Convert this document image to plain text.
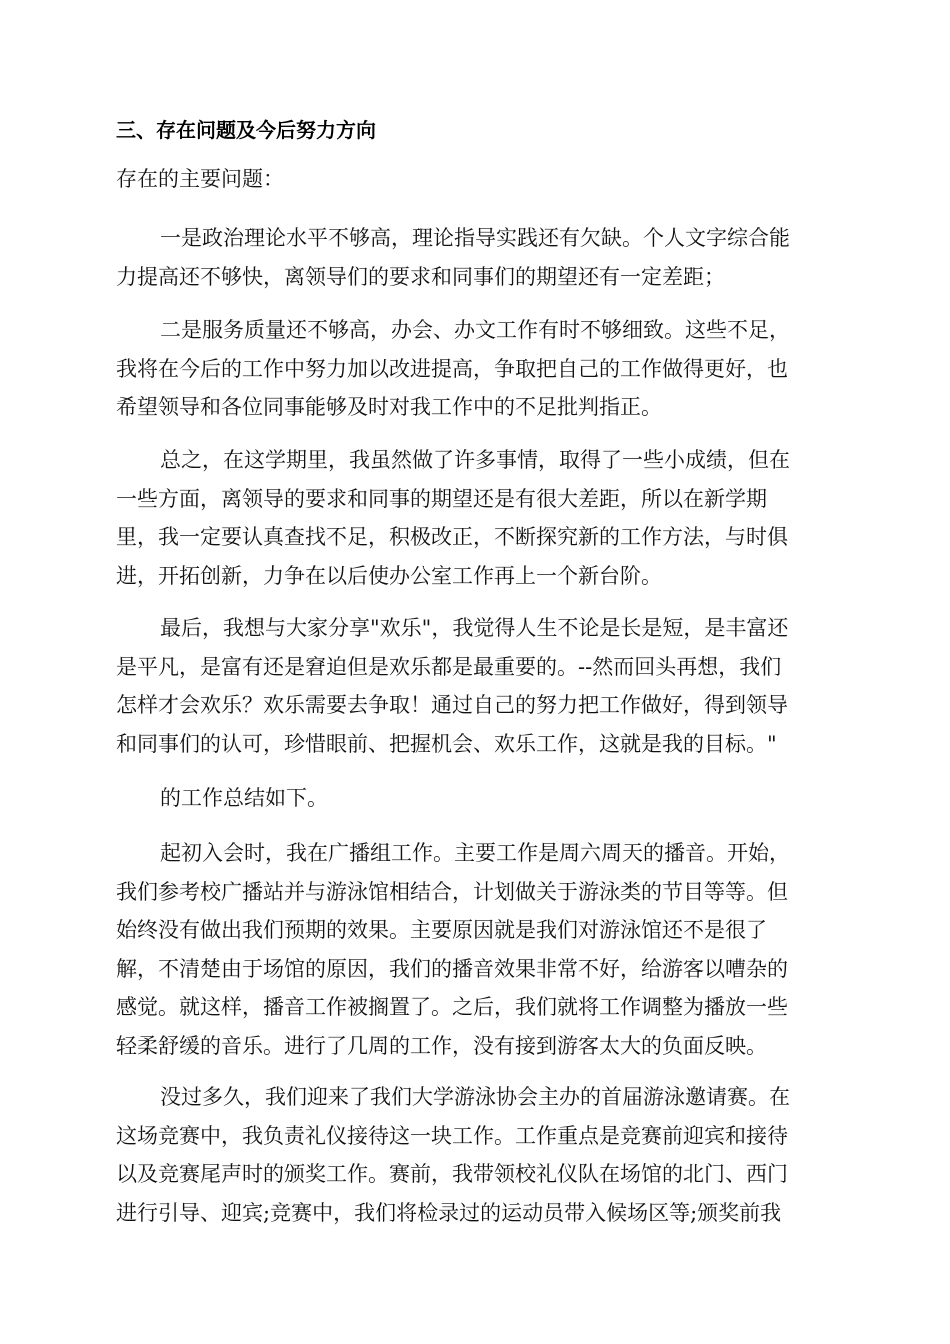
三、存在问题及今后努力方向
存在的主要问题：
一是政治理论水平不够高，理论指导实践还有欠缺。个人文字综合能
力提高还不够快，离领导们的要求和同事们的期望还有一定差距；
二是服务质量还不够高，办会、办文工作有时不够细致。这些不足，
我将在今后的工作中努力加以改进提高，争取把自己的工作做得更好，也
希望领导和各位同事能够及时对我工作中的不足批判指正。
总之，在这学期里，我虽然做了许多事情，取得了一些小成绩，但在
一些方面，离领导的要求和同事的期望还是有很大差距，所以在新学期
里，我一定要认真查找不足，积极改正，不断探究新的工作方法，与时俱
进，开拓创新，力争在以后使办公室工作再上一个新台阶。
最后，我想与大家分享"欢乐"，我觉得人生不论是长是短，是丰富还
是平凡，是富有还是窘迫但是欢乐都是最重要的。--然而回头再想，我们
怎样才会欢乐？欢乐需要去争取！通过自己的努力把工作做好，得到领导
和同事们的认可，珍惜眼前、把握机会、欢乐工作，这就是我的目标。"
的工作总结如下。
起初入会时，我在广播组工作。主要工作是周六周天的播音。开始，
我们参考校广播站并与游泳馆相结合，计划做关于游泳类的节目等等。但
始终没有做出我们预期的效果。主要原因就是我们对游泳馆还不是很了
解，不清楚由于场馆的原因，我们的播音效果非常不好，给游客以嘈杂的
感觉。就这样，播音工作被搁置了。之后，我们就将工作调整为播放一些
轻柔舒缓的音乐。进行了几周的工作，没有接到游客太大的负面反映。
没过多久，我们迎来了我们大学游泳协会主办的首届游泳邀请赛。在
这场竞赛中，我负责礼仪接待这一块工作。工作重点是竞赛前迎宾和接待
以及竞赛尾声时的颁奖工作。赛前，我带领校礼仪队在场馆的北门、西门
进行引导、迎宾;竞赛中，我们将检录过的运动员带入候场区等;颁奖前我
